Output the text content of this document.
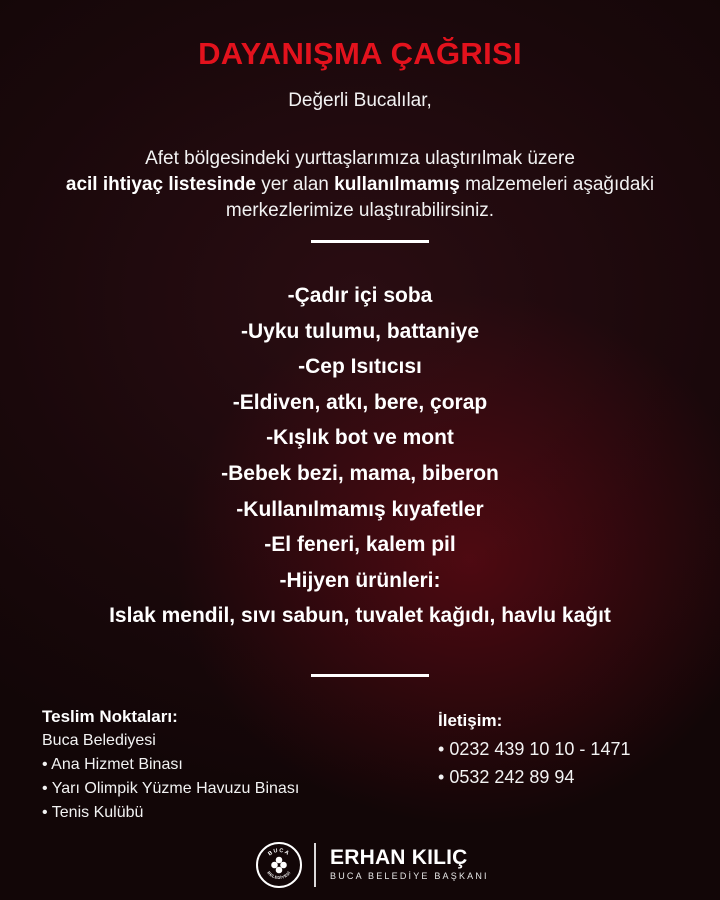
DAYANIŞMA ÇAĞRISI
Değerli Bucalılar,
Afet bölgesindeki yurttaşlarımıza ulaştırılmak üzere
acil ihtiyaç listesinde yer alan kullanılmamış malzemeleri aşağıdaki
merkezlerimize ulaştırabilirsiniz.
-Çadır içi soba
-Uyku tulumu, battaniye
-Cep Isıtıcısı
-Eldiven, atkı, bere, çorap
-Kışlık bot ve mont
-Bebek bezi, mama, biberon
-Kullanılmamış kıyafetler
-El feneri, kalem pil
-Hijyen ürünleri:
Islak mendil, sıvı sabun, tuvalet kağıdı, havlu kağıt
Teslim Noktaları:
Buca Belediyesi
• Ana Hizmet Binası
• Yarı Olimpik Yüzme Havuzu Binası
• Tenis Kulübü
İletişim:
• 0232 439 10 10 - 1471
• 0532 242 89 94
BUCA
BELEDİYESİ
ERHAN KILIÇ
BUCA BELEDİYE BAŞKANI
